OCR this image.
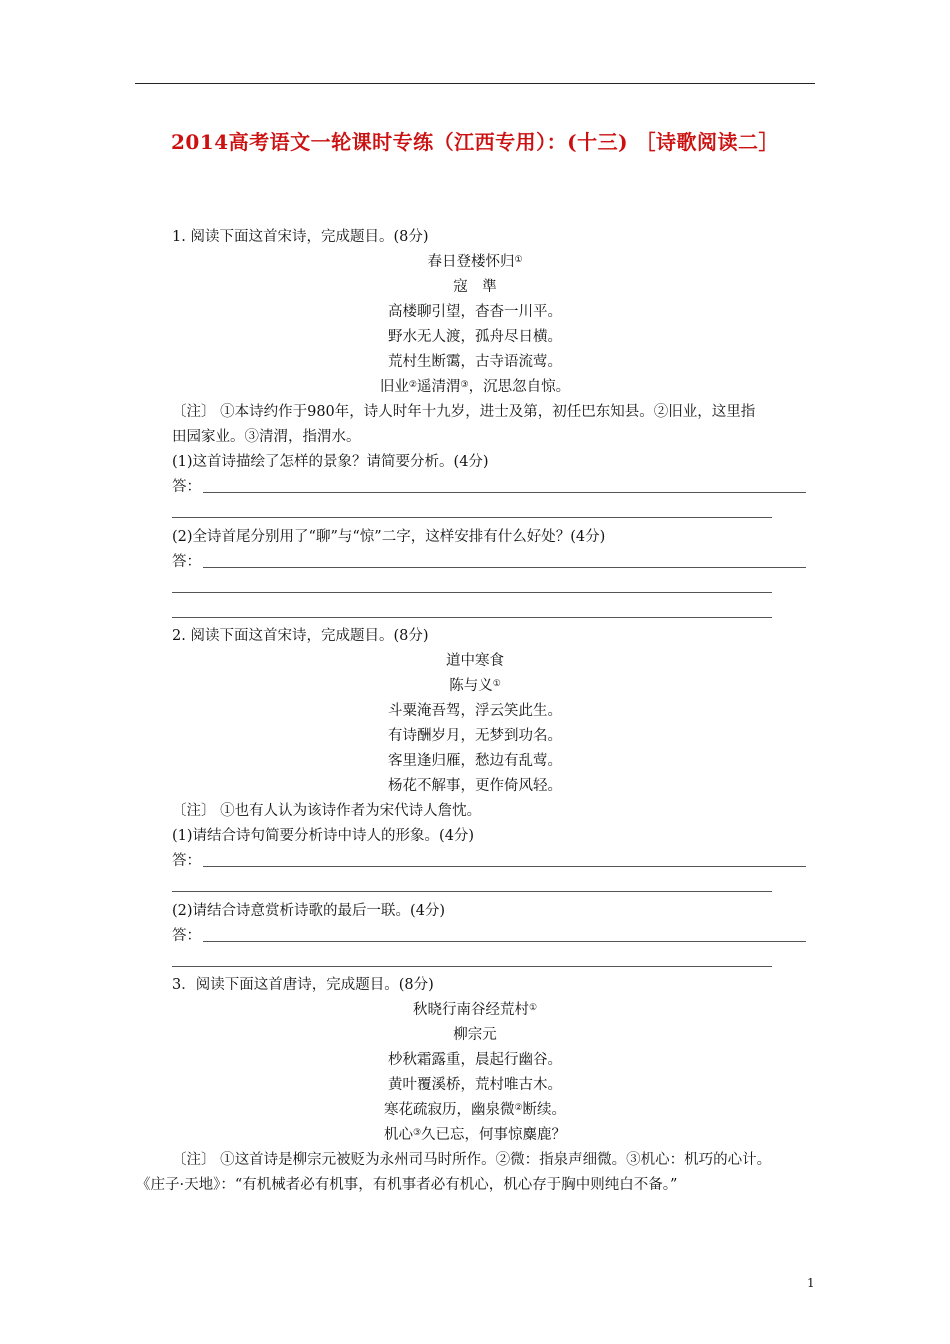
2014高考语文一轮课时专练（江西专用）：(十三) ［诗歌阅读二］
1. 阅读下面这首宋诗，完成题目。(8分)
春日登楼怀归①
寇　準
高楼聊引望，杳杳一川平。
野水无人渡，孤舟尽日横。
荒村生断霭，古寺语流莺。
旧业②遥清渭③，沉思忽自惊。
〔注〕 ①本诗约作于980年，诗人时年十九岁，进士及第，初任巴东知县。②旧业，这里指
田园家业。③清渭，指渭水。
(1)这首诗描绘了怎样的景象？请简要分析。(4分)
答：
(2)全诗首尾分别用了“聊”与“惊”二字，这样安排有什么好处？(4分)
答：
2. 阅读下面这首宋诗，完成题目。(8分)
道中寒食
陈与义①
斗粟淹吾驾，浮云笑此生。
有诗酬岁月，无梦到功名。
客里逢归雁，愁边有乱莺。
杨花不解事，更作倚风轻。
〔注〕 ①也有人认为该诗作者为宋代诗人詹忱。
(1)请结合诗句简要分析诗中诗人的形象。(4分)
答：
(2)请结合诗意赏析诗歌的最后一联。(4分)
答：
3．阅读下面这首唐诗，完成题目。(8分)
秋晓行南谷经荒村①
柳宗元
杪秋霜露重，晨起行幽谷。
黄叶覆溪桥，荒村唯古木。
寒花疏寂历，幽泉微②断续。
机心③久已忘，何事惊麋鹿？
〔注〕 ①这首诗是柳宗元被贬为永州司马时所作。②微：指泉声细微。③机心：机巧的心计。
《庄子·天地》：“有机械者必有机事，有机事者必有机心，机心存于胸中则纯白不备。”
1
